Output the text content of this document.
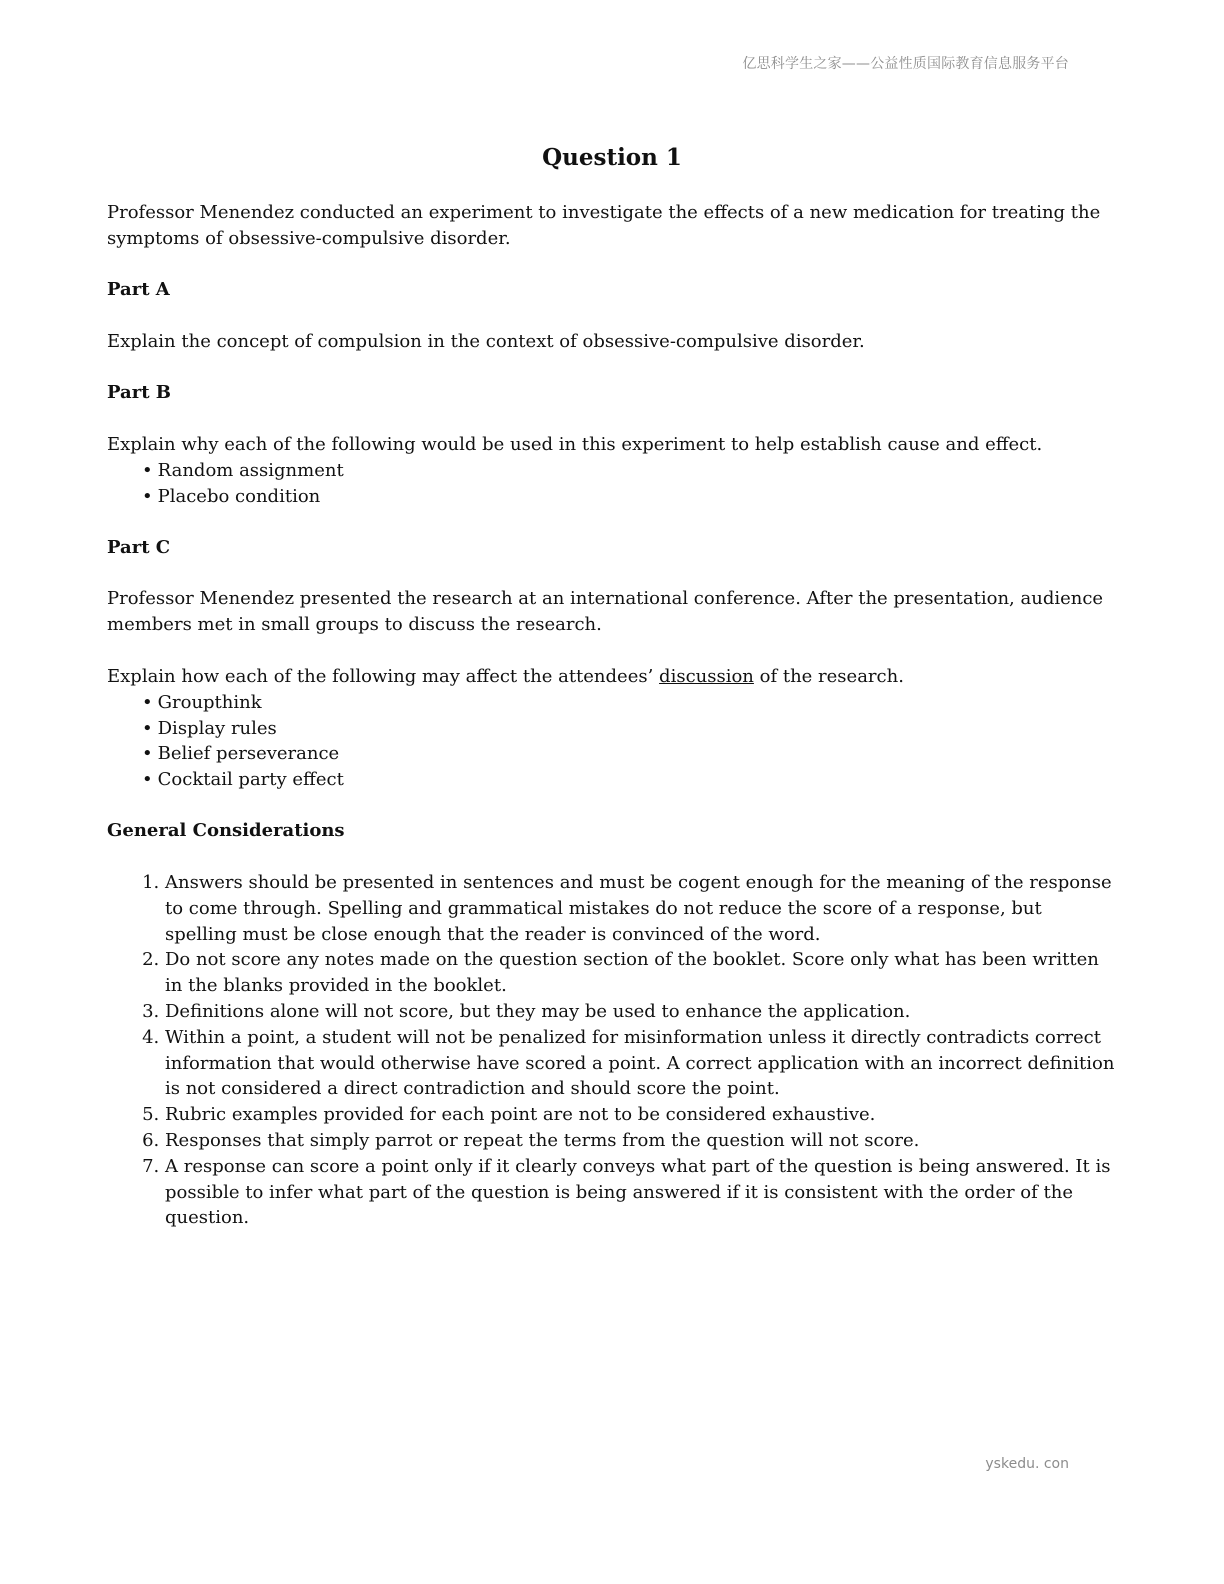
亿思科学生之家——公益性质国际教育信息服务平台
Question 1

Professor Menendez conducted an experiment to investigate the effects of a new medication for treating the symptoms of obsessive-compulsive disorder.

Part A

Explain the concept of compulsion in the context of obsessive-compulsive disorder.

Part B
Explain why each of the following would be used in this experiment to help establish cause and effect.
• Random assignment
• Placebo condition
Part C

Professor Menendez presented the research at an international conference. After the presentation, audience members met in small groups to discuss the research.

Explain how each of the following may affect the attendees’ discussion of the research.
• Groupthink
• Display rules
• Belief perseverance
• Cocktail party effect
General Considerations
1. Answers should be presented in sentences and must be cogent enough for the meaning of the response to come through. Spelling and grammatical mistakes do not reduce the score of a response, but spelling must be close enough that the reader is convinced of the word.
2. Do not score any notes made on the question section of the booklet. Score only what has been written in the blanks provided in the booklet.
3. Definitions alone will not score, but they may be used to enhance the application.
4. Within a point, a student will not be penalized for misinformation unless it directly contradicts correct information that would otherwise have scored a point. A correct application with an incorrect definition is not considered a direct contradiction and should score the point.
5. Rubric examples provided for each point are not to be considered exhaustive.
6. Responses that simply parrot or repeat the terms from the question will not score.
7. A response can score a point only if it clearly conveys what part of the question is being answered. It is possible to infer what part of the question is being answered if it is consistent with the order of the question.
yskedu. con
